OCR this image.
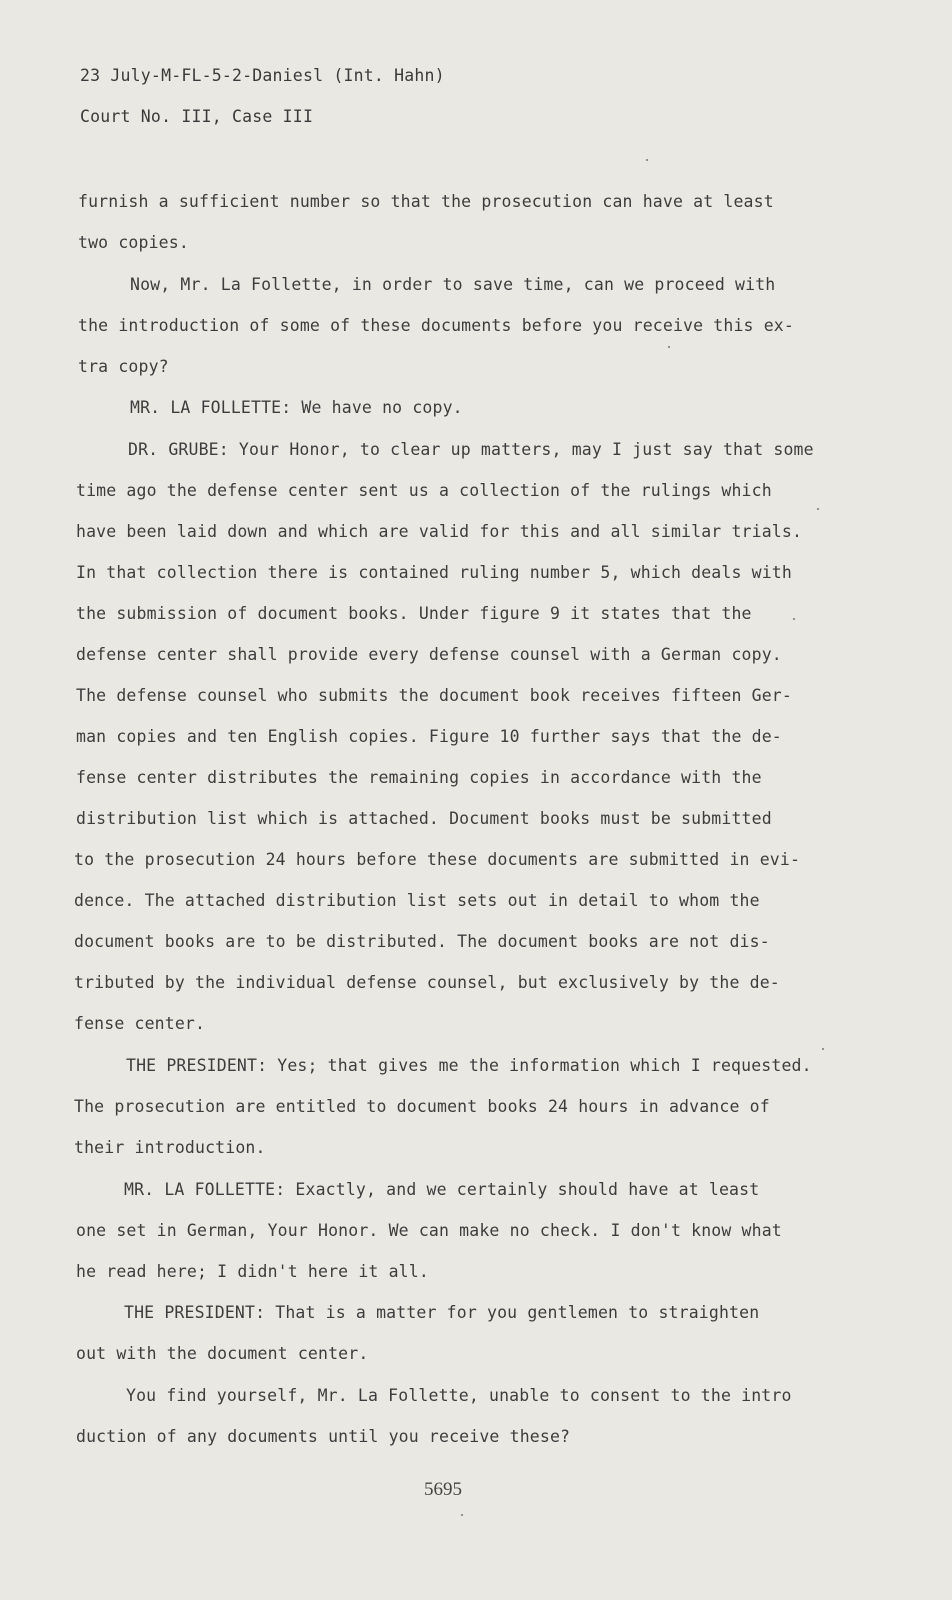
23 July-M-FL-5-2-Daniesl (Int. Hahn)
Court No. III, Case III
furnish a sufficient number so that the prosecution can have at least
two copies.
Now, Mr. La Follette, in order to save time, can we proceed with
the introduction of some of these documents before you receive this ex-
tra copy?
MR. LA FOLLETTE: We have no copy.
DR. GRUBE: Your Honor, to clear up matters, may I just say that some
time ago the defense center sent us a collection of the rulings which
have been laid down and which are valid for this and all similar trials.
In that collection there is contained ruling number 5, which deals with
the submission of document books. Under figure 9 it states that the
defense center shall provide every defense counsel with a German copy.
The defense counsel who submits the document book receives fifteen Ger-
man copies and ten English copies. Figure 10 further says that the de-
fense center distributes the remaining copies in accordance with the
distribution list which is attached. Document books must be submitted
to the prosecution 24 hours before these documents are submitted in evi-
dence. The attached distribution list sets out in detail to whom the
document books are to be distributed. The document books are not dis-
tributed by the individual defense counsel, but exclusively by the de-
fense center.
THE PRESIDENT: Yes; that gives me the information which I requested.
The prosecution are entitled to document books 24 hours in advance of
their introduction.
MR. LA FOLLETTE: Exactly, and we certainly should have at least
one set in German, Your Honor. We can make no check. I don't know what
he read here; I didn't here it all.
THE PRESIDENT: That is a matter for you gentlemen to straighten
out with the document center.
You find yourself, Mr. La Follette, unable to consent to the intro
duction of any documents until you receive these?
5695
